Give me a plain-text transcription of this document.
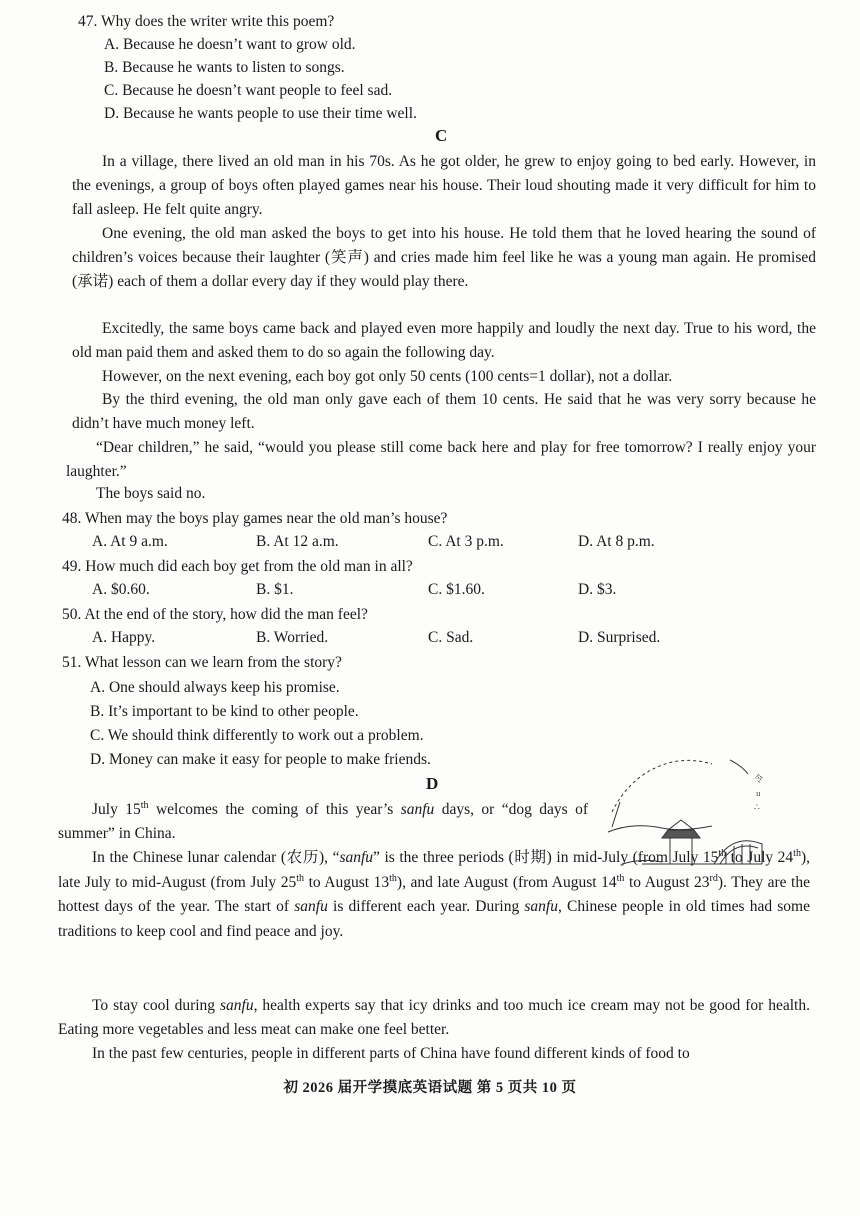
47. Why does the writer write this poem?
A. Because he doesn’t want to grow old.
B. Because he wants to listen to songs.
C. Because he doesn’t want people to feel sad.
D. Because he wants people to use their time well.
C
In a village, there lived an old man in his 70s. As he got older, he grew to enjoy going to bed early. However, in the evenings, a group of boys often played games near his house. Their loud shouting made it very difficult for him to fall asleep. He felt quite angry.
One evening, the old man asked the boys to get into his house. He told them that he loved hearing the sound of children’s voices because their laughter (笑声) and cries made him feel like he was a young man again. He promised (承诺) each of them a dollar every day if they would play there.
Excitedly, the same boys came back and played even more happily and loudly the next day. True to his word, the old man paid them and asked them to do so again the following day.
However, on the next evening, each boy got only 50 cents (100 cents=1 dollar), not a dollar.
By the third evening, the old man only gave each of them 10 cents. He said that he was very sorry because he didn’t have much money left.
“Dear children,” he said, “would you please still come back here and play for free tomorrow? I really enjoy your laughter.”
The boys said no.
48. When may the boys play games near the old man’s house?
A. At 9 a.m.	B. At 12 a.m.	C. At 3 p.m.	D. At 8 p.m.
49. How much did each boy get from the old man in all?
A. $0.60.	B. $1.	C. $1.60.	D. $3.
50. At the end of the story, how did the man feel?
A. Happy.	B. Worried.	C. Sad.	D. Surprised.
51. What lesson can we learn from the story?
A. One should always keep his promise.
B. It’s important to be kind to other people.
C. We should think differently to work out a problem.
D. Money can make it easy for people to make friends.
D
July 15th welcomes the coming of this year’s sanfu days, or “dog days of summer” in China.
In the Chinese lunar calendar (农历), “sanfu” is the three periods (时期) in mid-July (from July 15th to July 24th), late July to mid-August (from July 25th to August 13th), and late August (from August 14th to August 23rd). They are the hottest days of the year. The start of sanfu is different each year. During sanfu, Chinese people in old times had some traditions to keep cool and find peace and joy.
To stay cool during sanfu, health experts say that icy drinks and too much ice cream may not be good for health. Eating more vegetables and less meat can make one feel better.
In the past few centuries, people in different parts of China have found different kinds of food to
令
ıı
∴
初 2026 届开学摸底英语试题 第 5 页共 10 页
